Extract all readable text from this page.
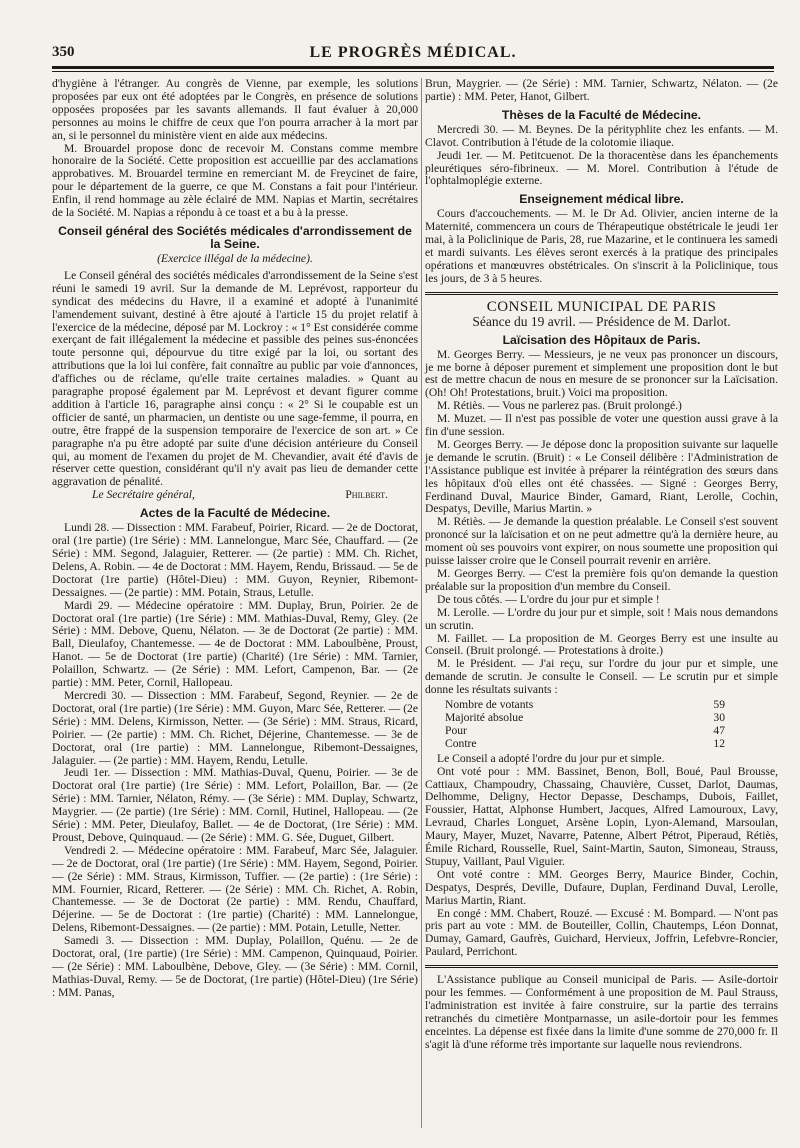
350	LE PROGRÈS MÉDICAL.

d'hygiène à l'étranger. Au congrès de Vienne, par exemple, les solutions proposées par eux ont été adoptées par le Congrès, en présence de solutions opposées proposées par les savants allemands. Il faut évaluer à 20,000 personnes au moins le chiffre de ceux que l'on pourra arracher à la mort par an, si le personnel du ministère vient en aide aux médecins.

M. Brouardel propose donc de recevoir M. Constans comme membre honoraire de la Société. Cette proposition est accueillie par des acclamations approbatives. M. Brouardel termine en remerciant M. de Freycinet de faire, pour le département de la guerre, ce que M. Constans a fait pour l'intérieur. Enfin, il rend hommage au zèle éclairé de MM. Napias et Martin, secrétaires de la Société. M. Napias a répondu à ce toast et a bu à la presse.

Conseil général des Sociétés médicales d'arrondissement de la Seine.
(Exercice illégal de la médecine).

Le Conseil général des sociétés médicales d'arrondissement de la Seine s'est réuni le samedi 19 avril. Sur la demande de M. Leprévost, rapporteur du syndicat des médecins du Havre, il a examiné et adopté à l'unanimité l'amendement suivant, destiné à être ajouté à l'article 15 du projet relatif à l'exercice de la médecine, déposé par M. Lockroy : « 1° Est considérée comme exerçant de fait illégalement la médecine et passible des peines sus-énoncées toute personne qui, dépourvue du titre exigé par la loi, ou sortant des attributions que la loi lui confère, fait connaître au public par voie d'annonces, d'affiches ou de réclame, qu'elle traite certaines maladies. » Quant au paragraphe proposé également par M. Leprévost et devant figurer comme addition à l'article 16, paragraphe ainsi conçu : « 2° Si le coupable est un officier de santé, un pharmacien, un dentiste ou une sage-femme, il pourra, en outre, être frappé de la suspension temporaire de l'exercice de son art. » Ce paragraphe n'a pu être adopté par suite d'une décision antérieure du Conseil qui, au moment de l'examen du projet de M. Chevandier, avait été d'avis de réserver cette question, considérant qu'il n'y avait pas lieu de demander cette aggravation de pénalité.

Le Secrétaire général,	Philbert.
Actes de la Faculté de Médecine.

Lundi 28. — Dissection : MM. Farabeuf, Poirier, Ricard. — 2e de Doctorat, oral (1re partie) (1re Série) : MM. Lannelongue, Marc Sée, Chauffard. — (2e Série) : MM. Segond, Jalaguier, Retterer. — (2e partie) : MM. Ch. Richet, Delens, A. Robin. — 4e de Doctorat : MM. Hayem, Rendu, Brissaud. — 5e de Doctorat (1re partie) (Hôtel-Dieu) : MM. Guyon, Reynier, Ribemont-Dessaignes. — (2e partie) : MM. Potain, Straus, Letulle.

Mardi 29. — Médecine opératoire : MM. Duplay, Brun, Poirier. 2e de Doctorat oral (1re partie) (1re Série) : MM. Mathias-Duval, Remy, Gley. (2e Série) : MM. Debove, Quenu, Nélaton. — 3e de Doctorat (2e partie) : MM. Ball, Dieulafoy, Chantemesse. — 4e de Doctorat : MM. Laboulbène, Proust, Hanot. — 5e de Doctorat (1re partie) (Charité) (1re Série) : MM. Tarnier, Polaillon, Schwartz. — (2e Série) : MM. Lefort, Campenon, Bar. — (2e partie) : MM. Peter, Cornil, Hallopeau.

Mercredi 30. — Dissection : MM. Farabeuf, Segond, Reynier. — 2e de Doctorat, oral (1re partie) (1re Série) : MM. Guyon, Marc Sée, Retterer. — (2e Série) : MM. Delens, Kirmisson, Netter. — (3e Série) : MM. Straus, Ricard, Poirier. — (2e partie) : MM. Ch. Richet, Déjerine, Chantemesse. — 3e de Doctorat, oral (1re partie) : MM. Lannelongue, Ribemont-Dessaignes, Jalaguier. — (2e partie) : MM. Hayem, Rendu, Letulle.

Jeudi 1er. — Dissection : MM. Mathias-Duval, Quenu, Poirier. — 3e de Doctorat oral (1re partie) (1re Série) : MM. Lefort, Polaillon, Bar. — (2e Série) : MM. Tarnier, Nélaton, Rémy. — (3e Série) : MM. Duplay, Schwartz, Maygrier. — (2e partie) (1re Série) : MM. Cornil, Hutinel, Hallopeau. — (2e Série) : MM. Peter, Dieulafoy, Ballet. — 4e de Doctorat, (1re Série) : MM. Proust, Debove, Quinquaud. — (2e Série) : MM. G. Sée, Duguet, Gilbert.

Vendredi 2. — Médecine opératoire : MM. Farabeuf, Marc Sée, Jalaguier. — 2e de Doctorat, oral (1re partie) (1re Série) : MM. Hayem, Segond, Poirier. — (2e Série) : MM. Straus, Kirmisson, Tuffier. — (2e partie) : (1re Série) : MM. Fournier, Ricard, Retterer. — (2e Série) : MM. Ch. Richet, A. Robin, Chantemesse. — 3e de Doctorat (2e partie) : MM. Rendu, Chauffard, Déjerine. — 5e de Doctorat : (1re partie) (Charité) : MM. Lannelongue, Delens, Ribemont-Dessaignes. — (2e partie) : MM. Potain, Letulle, Netter.

Samedi 3. — Dissection : MM. Duplay, Polaillon, Quénu. — 2e de Doctorat, oral, (1re partie) (1re Série) : MM. Campenon, Quinquaud, Poirier. — (2e Série) : MM. Laboulbène, Debove, Gley. — (3e Série) : MM. Cornil, Mathias-Duval, Remy. — 5e de Doctorat, (1re partie) (Hôtel-Dieu) (1re Série) : MM. Panas,

Brun, Maygrier. — (2e Série) : MM. Tarnier, Schwartz, Nélaton. — (2e partie) : MM. Peter, Hanot, Gilbert.

Thèses de la Faculté de Médecine.

Mercredi 30. — M. Beynes. De la pérityphlite chez les enfants. — M. Clavot. Contribution à l'étude de la colotomie iliaque.

Jeudi 1er. — M. Petitcuenot. De la thoracentèse dans les épanchements pleurétiques séro-fibrineux. — M. Morel. Contribution à l'étude de l'ophtalmoplégie externe.

Enseignement médical libre.

Cours d'accouchements. — M. le Dr Ad. Olivier, ancien interne de la Maternité, commencera un cours de Thérapeutique obstétricale le jeudi 1er mai, à la Policlinique de Paris, 28, rue Mazarine, et le continuera les samedi et mardi suivants. Les élèves seront exercés à la pratique des principales opérations et manœuvres obstétricales. On s'inscrit à la Policlinique, tous les jours, de 3 à 5 heures.

CONSEIL MUNICIPAL DE PARIS
Séance du 19 avril. — Présidence de M. Darlot.
Laïcisation des Hôpitaux de Paris.

M. Georges Berry. — Messieurs, je ne veux pas prononcer un discours, je me borne à déposer purement et simplement une proposition dont le but est de mettre chacun de nous en mesure de se prononcer sur la Laïcisation. (Oh! Oh! Protestations, bruit.) Voici ma proposition.

M. Rétiès. — Vous ne parlerez pas. (Bruit prolongé.)

M. Muzet. — Il n'est pas possible de voter une question aussi grave à la fin d'une session.

M. Georges Berry. — Je dépose donc la proposition suivante sur laquelle je demande le scrutin. (Bruit) : « Le Conseil délibère : l'Administration de l'Assistance publique est invitée à préparer la réintégration des sœurs dans les hôpitaux d'où elles ont été chassées. — Signé : Georges Berry, Ferdinand Duval, Maurice Binder, Gamard, Riant, Lerolle, Cochin, Despatys, Deville, Marius Martin. »

M. Rétiès. — Je demande la question préalable. Le Conseil s'est souvent prononcé sur la laïcisation et on ne peut admettre qu'à la dernière heure, au moment où ses pouvoirs vont expirer, on nous soumette une proposition qui puisse laisser croire que le Conseil pourrait revenir en arrière.

M. Georges Berry. — C'est la première fois qu'on demande la question préalable sur la proposition d'un membre du Conseil.

De tous côtés. — L'ordre du jour pur et simple !

M. Lerolle. — L'ordre du jour pur et simple, soit ! Mais nous demandons un scrutin.

M. Faillet. — La proposition de M. Georges Berry est une insulte au Conseil. (Bruit prolongé. — Protestations à droite.)

M. le Président. — J'ai reçu, sur l'ordre du jour pur et simple, une demande de scrutin. Je consulte le Conseil. — Le scrutin pur et simple donne les résultats suivants :

Nombre de votants	59
Majorité absolue	30
Pour	47
Contre	12

Le Conseil a adopté l'ordre du jour pur et simple.

Ont voté pour : MM. Bassinet, Benon, Boll, Boué, Paul Brousse, Cattiaux, Champoudry, Chassaing, Chauvière, Cusset, Darlot, Daumas, Delhomme, Deligny, Hector Depasse, Deschamps, Dubois, Faillet, Foussier, Hattat, Alphonse Humbert, Jacques, Alfred Lamouroux, Lavy, Levraud, Charles Longuet, Arsène Lopin, Lyon-Alemand, Marsoulan, Maury, Mayer, Muzet, Navarre, Patenne, Albert Pétrot, Piperaud, Rétiès, Émile Richard, Rousselle, Ruel, Saint-Martin, Sauton, Simoneau, Strauss, Stupuy, Vaillant, Paul Viguier.

Ont voté contre : MM. Georges Berry, Maurice Binder, Cochin, Despatys, Després, Deville, Dufaure, Duplan, Ferdinand Duval, Lerolle, Marius Martin, Riant.

En congé : MM. Chabert, Rouzé. — Excusé : M. Bompard. — N'ont pas pris part au vote : MM. de Bouteiller, Collin, Chautemps, Léon Donnat, Dumay, Gamard, Gaufrès, Guichard, Hervieux, Joffrin, Lefebvre-Roncier, Paulard, Perrichont.

L'Assistance publique au Conseil municipal de Paris. — Asile-dortoir pour les femmes. — Conformément à une proposition de M. Paul Strauss, l'administration est invitée à faire construire, sur la partie des terrains retranchés du cimetière Montparnasse, un asile-dortoir pour les femmes enceintes. La dépense est fixée dans la limite d'une somme de 270,000 fr. Il s'agit là d'une réforme très importante sur laquelle nous reviendrons.
